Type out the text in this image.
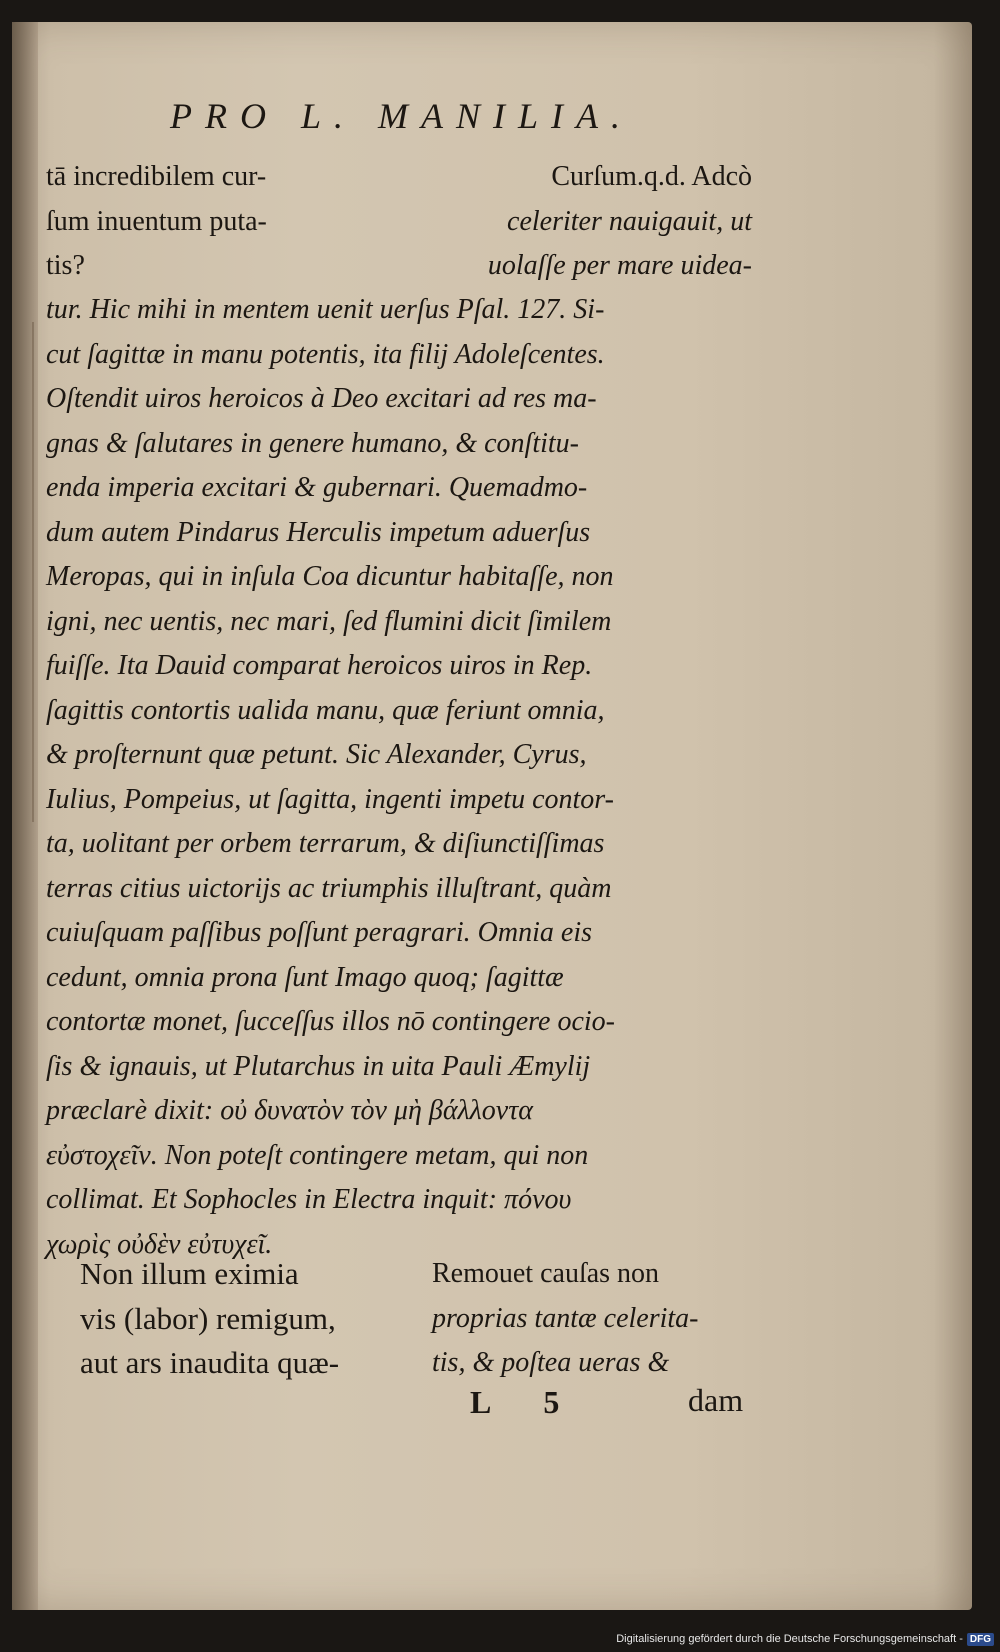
PRO L. MANILIA.
tā incredibilem cur-
ſum inuentum puta-
tis?
Curſum.q.d. Adcò
celeriter nauigauit, ut
uolaſſe per mare uidea-
tur. Hic mihi in mentem uenit uerſus Pſal. 127. Si-
cut ſagittæ in manu potentis, ita filij Adoleſcentes.
Oſtendit uiros heroicos à Deo excitari ad res ma-
gnas & ſalutares in genere humano, & conſtitu-
enda imperia excitari & gubernari. Quemadmo-
dum autem Pindarus Herculis impetum aduerſus
Meropas, qui in inſula Coa dicuntur habitaſſe, non
igni, nec uentis, nec mari, ſed flumini dicit ſimilem
fuiſſe. Ita Dauid comparat heroicos uiros in Rep.
ſagittis contortis ualida manu, quæ feriunt omnia,
& proſternunt quæ petunt. Sic Alexander, Cyrus,
Iulius, Pompeius, ut ſagitta, ingenti impetu contor-
ta, uolitant per orbem terrarum, & diſiunctiſſimas
terras citius uictorijs ac triumphis illuſtrant, quàm
cuiuſquam paſſibus poſſunt peragrari. Omnia eis
cedunt, omnia prona ſunt Imago quoq; ſagittæ
contortæ monet, ſucceſſus illos nō contingere ocio-
ſis & ignauis, ut Plutarchus in uita Pauli Æmylij
præclarè dixit: οὐ δυνατὸν τὸν μὴ βάλλοντα
εὐστοχεῖν. Non poteſt contingere metam, qui non
collimat. Et Sophocles in Electra inquit: πόνου
χωρὶς οὐδὲν εὐτυχεῖ.
Non illum eximia
vis (labor) remigum,
aut ars inaudita quæ-
Remouet cauſas non
proprias tantæ celerita-
tis, & poſtea ueras &
L 5	dam
Digitalisierung gefördert durch die Deutsche Forschungsgemeinschaft - DFG
